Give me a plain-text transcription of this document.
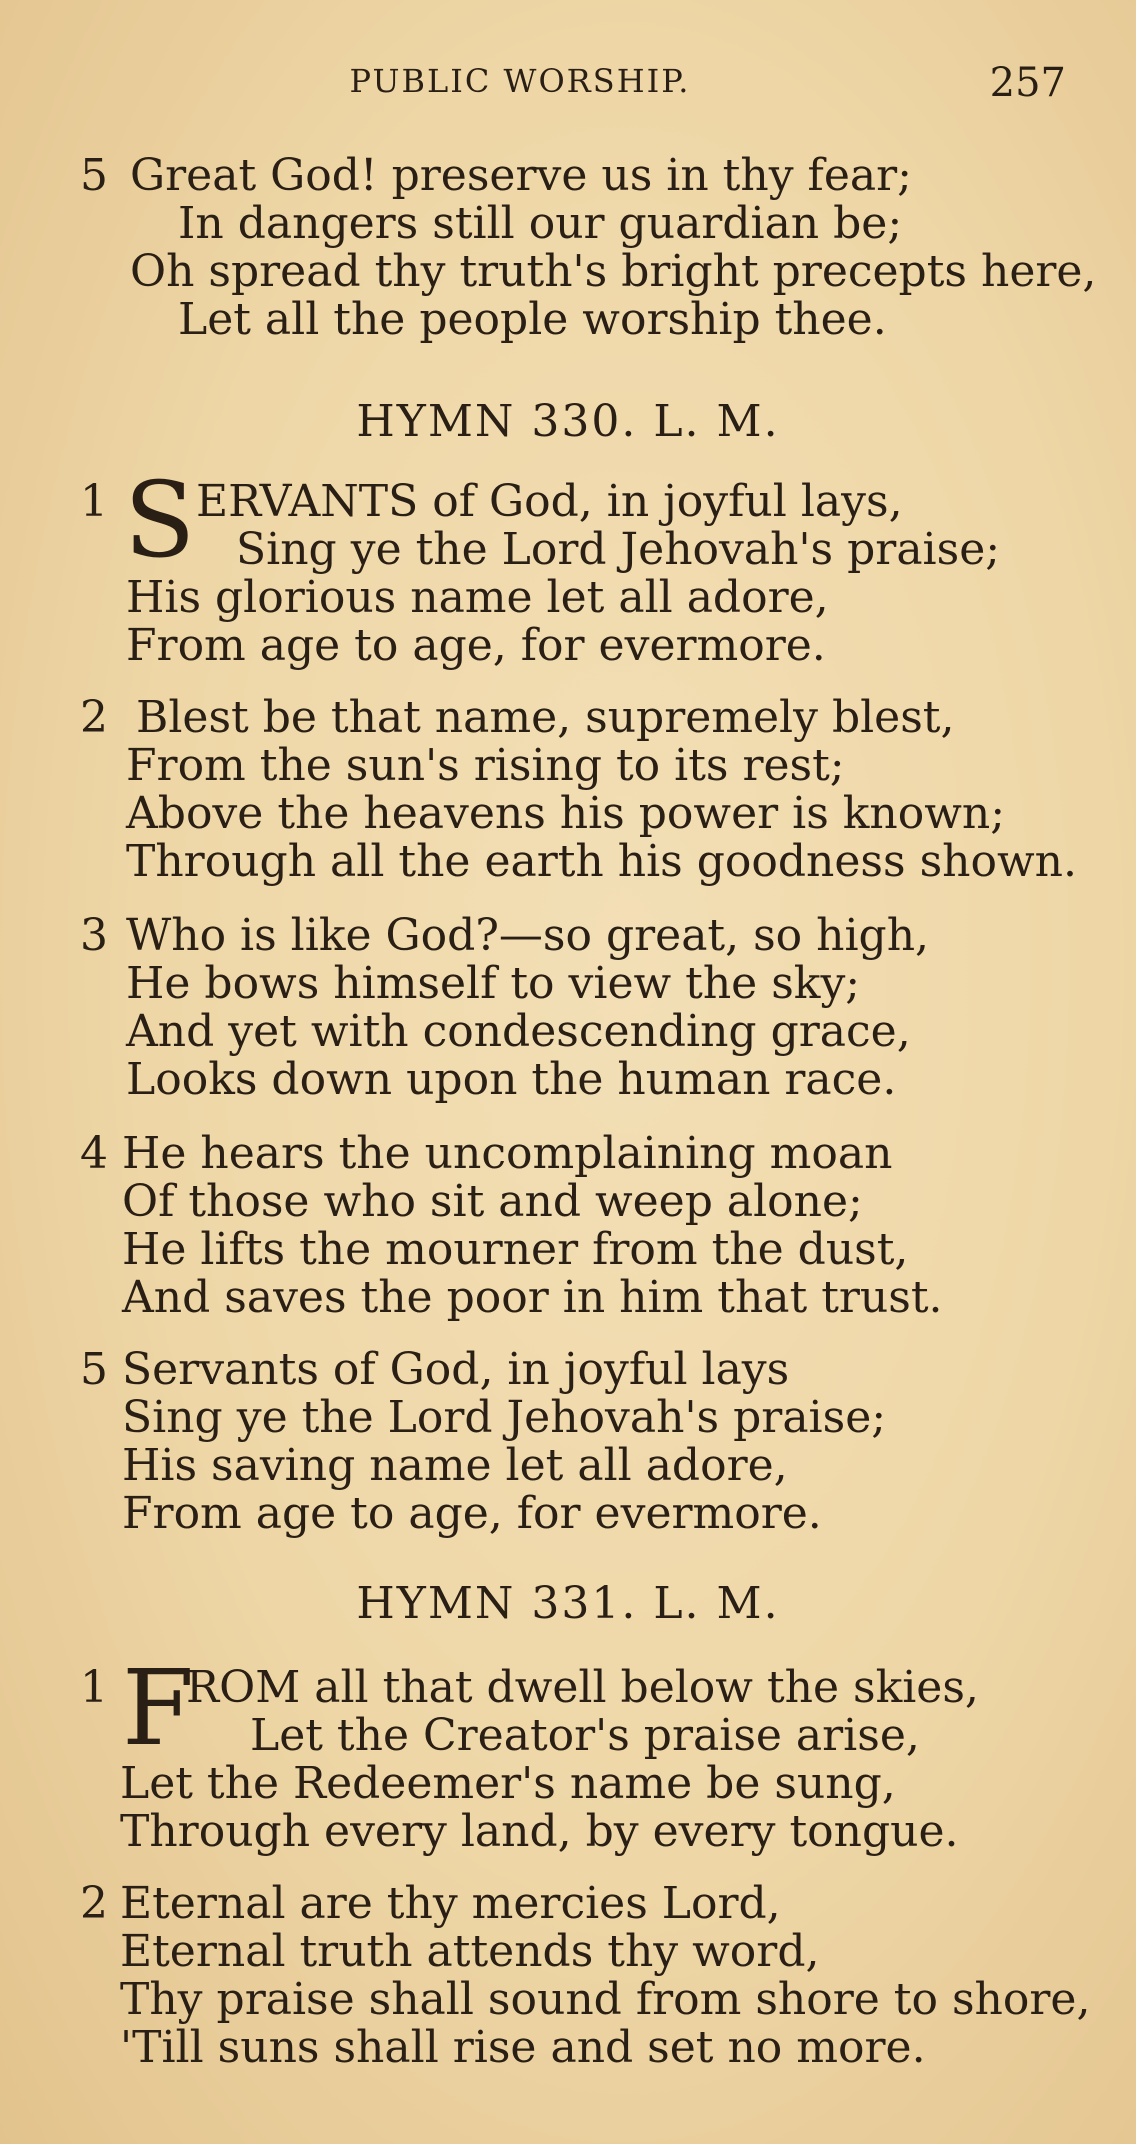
PUBLIC WORSHIP.	257
5 Great God! preserve us in thy fear;
In dangers still our guardian be;
Oh spread thy truth's bright precepts here,
Let all the people worship thee.
HYMN 330. L. M.
1 S ERVANTS of God, in joyful lays,
Sing ye the Lord Jehovah's praise;
His glorious name let all adore,
From age to age, for evermore.
2 Blest be that name, supremely blest,
From the sun's rising to its rest;
Above the heavens his power is known;
Through all the earth his goodness shown.
3 Who is like God?—so great, so high,
He bows himself to view the sky;
And yet with condescending grace,
Looks down upon the human race.
4 He hears the uncomplaining moan
Of those who sit and weep alone;
He lifts the mourner from the dust,
And saves the poor in him that trust.
5 Servants of God, in joyful lays
Sing ye the Lord Jehovah's praise;
His saving name let all adore,
From age to age, for evermore.
HYMN 331. L. M.
1 F
ROM all that dwell below the skies,
Let the Creator's praise arise,
Let the Redeemer's name be sung,
Through every land, by every tongue.
2 Eternal are thy mercies Lord,
Eternal truth attends thy word,
Thy praise shall sound from shore to shore,
'Till suns shall rise and set no more.
